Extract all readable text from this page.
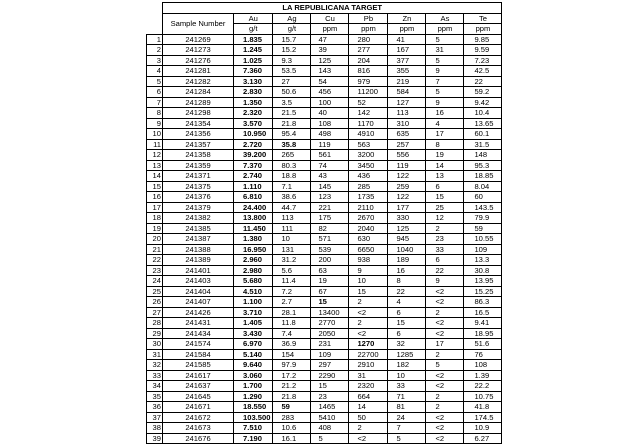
	LA REPUBLICANA TARGET							
	Sample Number	Au	Ag	Cu	Pb	Zn	As	Te
		g/t	g/t	ppm	ppm	ppm	ppm	ppm
1	241269	1.835	15.7	47	280	41	5	9.85
2	241273	1.245	15.2	39	277	167	31	9.59
3	241276	1.025	9.3	125	204	377	5	7.23
4	241281	7.360	53.5	143	816	355	9	42.5
5	241282	3.130	27	54	979	219	7	22
6	241284	2.830	50.6	456	11200	584	5	59.2
7	241289	1.350	3.5	100	52	127	9	9.42
8	241298	2.320	21.5	40	142	113	16	10.4
9	241354	3.570	21.8	108	1170	310	4	13.65
10	241356	10.950	95.4	498	4910	635	17	60.1
11	241357	2.720	35.8	119	563	257	8	31.5
12	241358	39.200	265	561	3200	556	19	148
13	241359	7.370	80.3	74	3450	119	14	95.3
14	241371	2.740	18.8	43	436	122	13	18.85
15	241375	1.110	7.1	145	285	259	6	8.04
16	241376	6.810	38.6	123	1735	122	15	60
17	241379	24.400	44.7	221	2110	177	25	143.5
18	241382	13.800	113	175	2670	330	12	79.9
19	241385	11.450	111	82	2040	125	2	59
20	241387	1.380	10	571	630	945	23	10.55
21	241388	16.950	131	539	6650	1040	33	109
22	241389	2.960	31.2	200	938	189	6	13.3
23	241401	2.980	5.6	63	9	16	22	30.8
24	241403	5.680	11.4	19	10	8	9	13.95
25	241404	4.510	7.2	67	15	22	<2	15.25
26	241407	1.100	2.7	15	2	4	<2	86.3
27	241426	3.710	28.1	13400	<2	6	2	16.5
28	241431	1.405	11.8	2770	2	15	<2	9.41
29	241434	3.430	7.4	2050	<2	6	<2	18.95
30	241574	6.970	36.9	231	1270	32	17	51.6
31	241584	5.140	154	109	22700	1285	2	76
32	241585	9.640	97.9	297	2910	182	5	108
33	241617	3.060	17.2	2290	31	10	<2	1.39
34	241637	1.700	21.2	15	2320	33	<2	22.2
35	241645	1.290	21.8	23	664	71	2	10.75
36	241671	18.550	59	1465	14	81	2	41.8
37	241672	103.500	283	5410	50	24	<2	174.5
38	241673	7.510	10.6	408	2	7	<2	10.9
39	241676	7.190	16.1	5	<2	5	<2	6.27
